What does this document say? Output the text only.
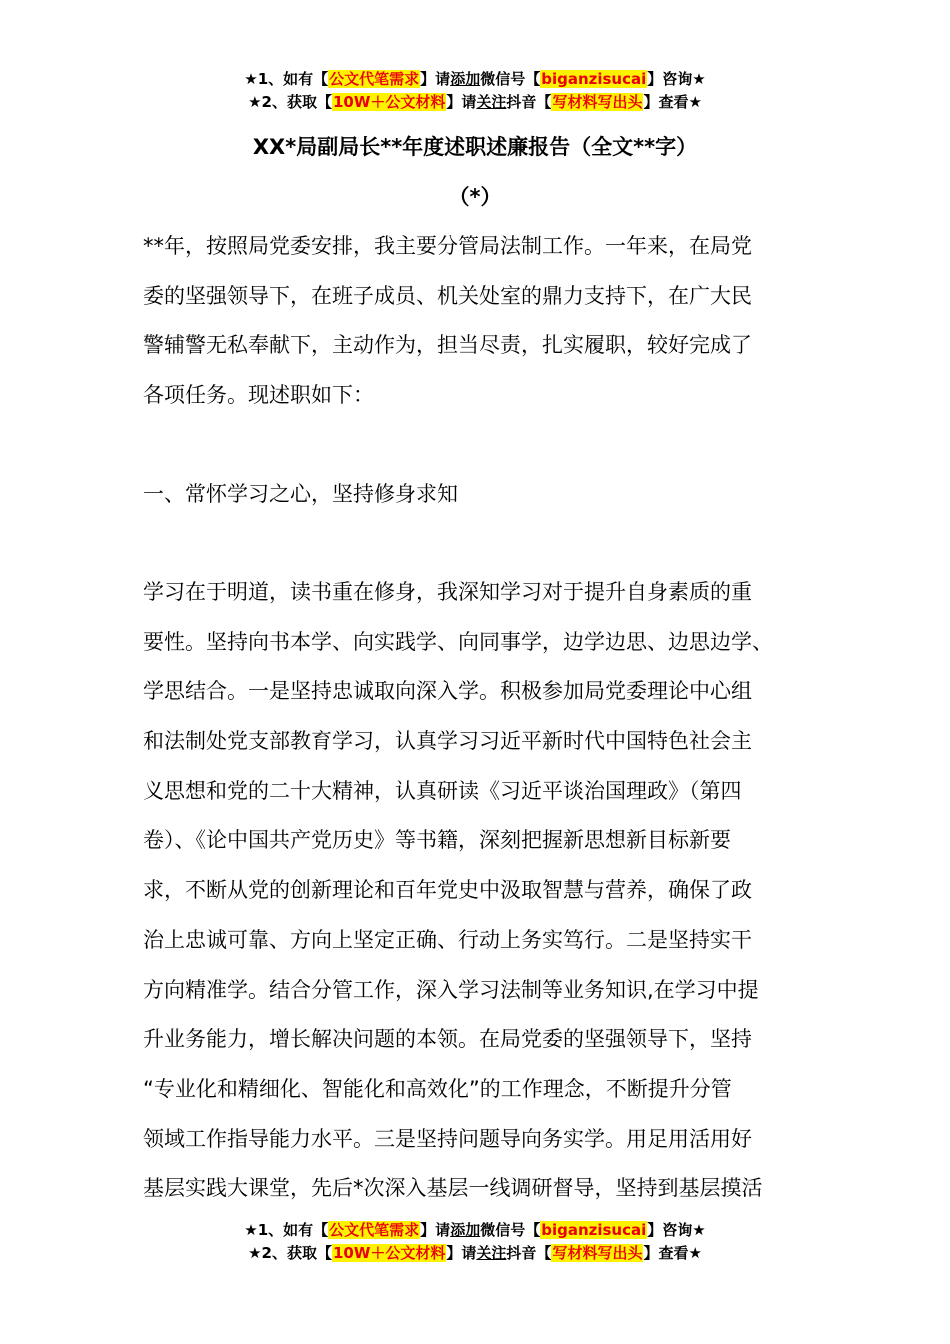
★1、如有【公文代笔需求】请添加微信号【biganzisucai】咨询★
★2、获取【10W＋公文材料】请关注抖音【写材料写出头】查看★
XX*局副局长**年度述职述廉报告（全文**字）
（*）
**年，按照局党委安排，我主要分管局法制工作。一年来，在局党
委的坚强领导下，在班子成员、机关处室的鼎力支持下，在广大民
警辅警无私奉献下，主动作为，担当尽责，扎实履职，较好完成了
各项任务。现述职如下：
一、常怀学习之心，坚持修身求知
学习在于明道，读书重在修身，我深知学习对于提升自身素质的重
要性。坚持向书本学、向实践学、向同事学，边学边思、边思边学、
学思结合。一是坚持忠诚取向深入学。积极参加局党委理论中心组
和法制处党支部教育学习，认真学习习近平新时代中国特色社会主
义思想和党的二十大精神，认真研读《习近平谈治国理政》（第四
卷）、《论中国共产党历史》等书籍，深刻把握新思想新目标新要
求，不断从党的创新理论和百年党史中汲取智慧与营养，确保了政
治上忠诚可靠、方向上坚定正确、行动上务实笃行。二是坚持实干
方向精准学。结合分管工作，深入学习法制等业务知识,在学习中提
升业务能力，增长解决问题的本领。在局党委的坚强领导下，坚持
“专业化和精细化、智能化和高效化”的工作理念，不断提升分管
领域工作指导能力水平。三是坚持问题导向务实学。用足用活用好
基层实践大课堂，先后*次深入基层一线调研督导，坚持到基层摸活
★1、如有【公文代笔需求】请添加微信号【biganzisucai】咨询★
★2、获取【10W＋公文材料】请关注抖音【写材料写出头】查看★
